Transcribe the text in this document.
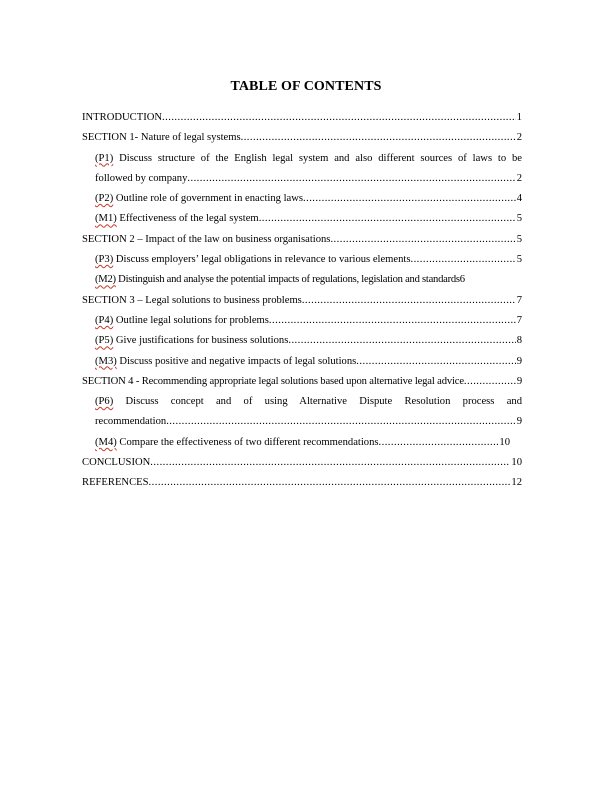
TABLE OF CONTENTS
INTRODUCTION . . .	1
SECTION 1- Nature of legal systems . . .	2
(P1) Discuss structure of the English legal system and also different sources of laws to be
followed by company . . .	2
(P2) Outline role of government in enacting laws . . .	4
(M1) Effectiveness of the legal system . . .	5
SECTION 2 – Impact of the law on business organisations . . .	5
(P3) Discuss employers’ legal obligations in relevance to various elements . . .	5
(M2) Distinguish and analyse the potential impacts of regulations, legislation and standards 6
SECTION 3 – Legal solutions to business problems . . .	7
(P4) Outline legal solutions for problems . . .	7
(P5) Give justifications for business solutions . . .	8
(M3) Discuss positive and negative impacts of legal solutions . . .	9
SECTION 4 - Recommending appropriate legal solutions based upon alternative legal advice . . .	9
(P6) Discuss concept and of using Alternative Dispute Resolution process and
recommendation . . .	9
(M4) Compare the effectiveness of two different recommendations . . .	10
CONCLUSION . . .	10
REFERENCES . . .	12
